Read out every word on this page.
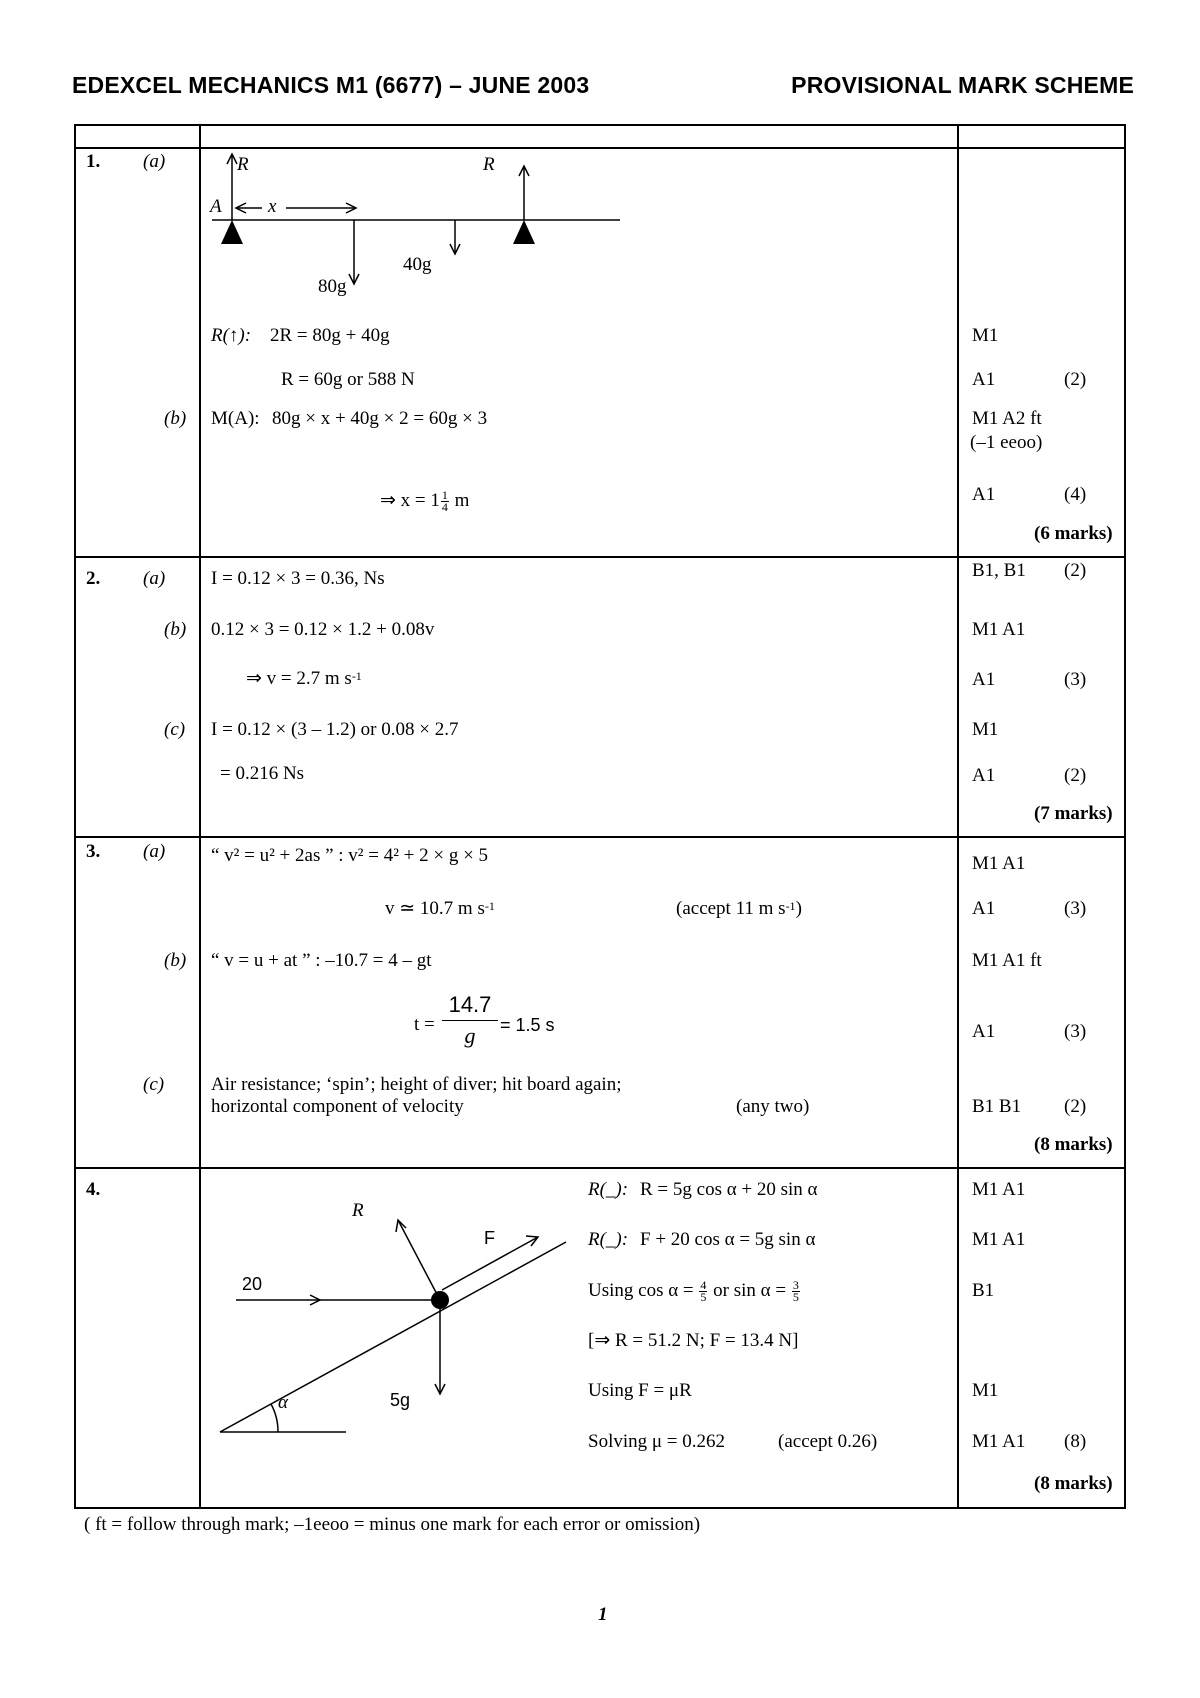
EDEXCEL MECHANICS M1 (6677) – JUNE 2003	PROVISIONAL MARK SCHEME
1. (a)	R	R
A x
40g
80g
R(↑): 2R = 80g + 40g	M1
R = 60g or 588 N	A1	(2)
(b) M(A): 80g × x + 40g × 2 = 60g × 3	M1 A2 ft
(–1 eeoo)
⇒ $x = 1 \frac{1}{4}$ m	A1	(4)
(6 marks)
2. (a) I = 0.12 × 3 = 0.36, Ns	B1, B1 (2)
(b) 0.12 × 3 = 0.12 × 1.2 + 0.08v	M1 A1
⇒ v = 2.7 m $s^{-1}$	A1	(3)
(c) I = 0.12 × (3 – 1.2) or 0.08 × 2.7	M1
= 0.216 Ns	A1	(2)
(7 marks)
3. (a) “ v² = u² + 2as ” : v² = 4² + 2 × g × 5	M1 A1
v ≃ 10.7 m $s^{-1}$	(accept 11 m $s^{-1}$)	A1	(3)
(b) “ v = u + at ” : –10.7 = 4 – gt	M1 A1 ft
$t = \frac{14.7}{g} = 1.5$ s	A1	(3)
(c) Air resistance; ‘spin’; height of diver; hit board again;
horizontal component of velocity	(any two)	B1 B1 (2)
(8 marks)
4.
R
F
20
5g
α
R(_): R = 5g cos α + 20 sin α	M1 A1
R(_): F + 20 cos α = 5g sin α	M1 A1
Using $\cos \alpha = \frac{4}{5}$ or $\sin \alpha = \frac{3}{5}$	B1
[⇒ R = 51.2 N; F = 13.4 N]
Using F = μR	M1
Solving μ = 0.262	(accept 0.26)	M1 A1 (8)
(8 marks)
( ft = follow through mark; –1eeoo = minus one mark for each error or omission)
1
